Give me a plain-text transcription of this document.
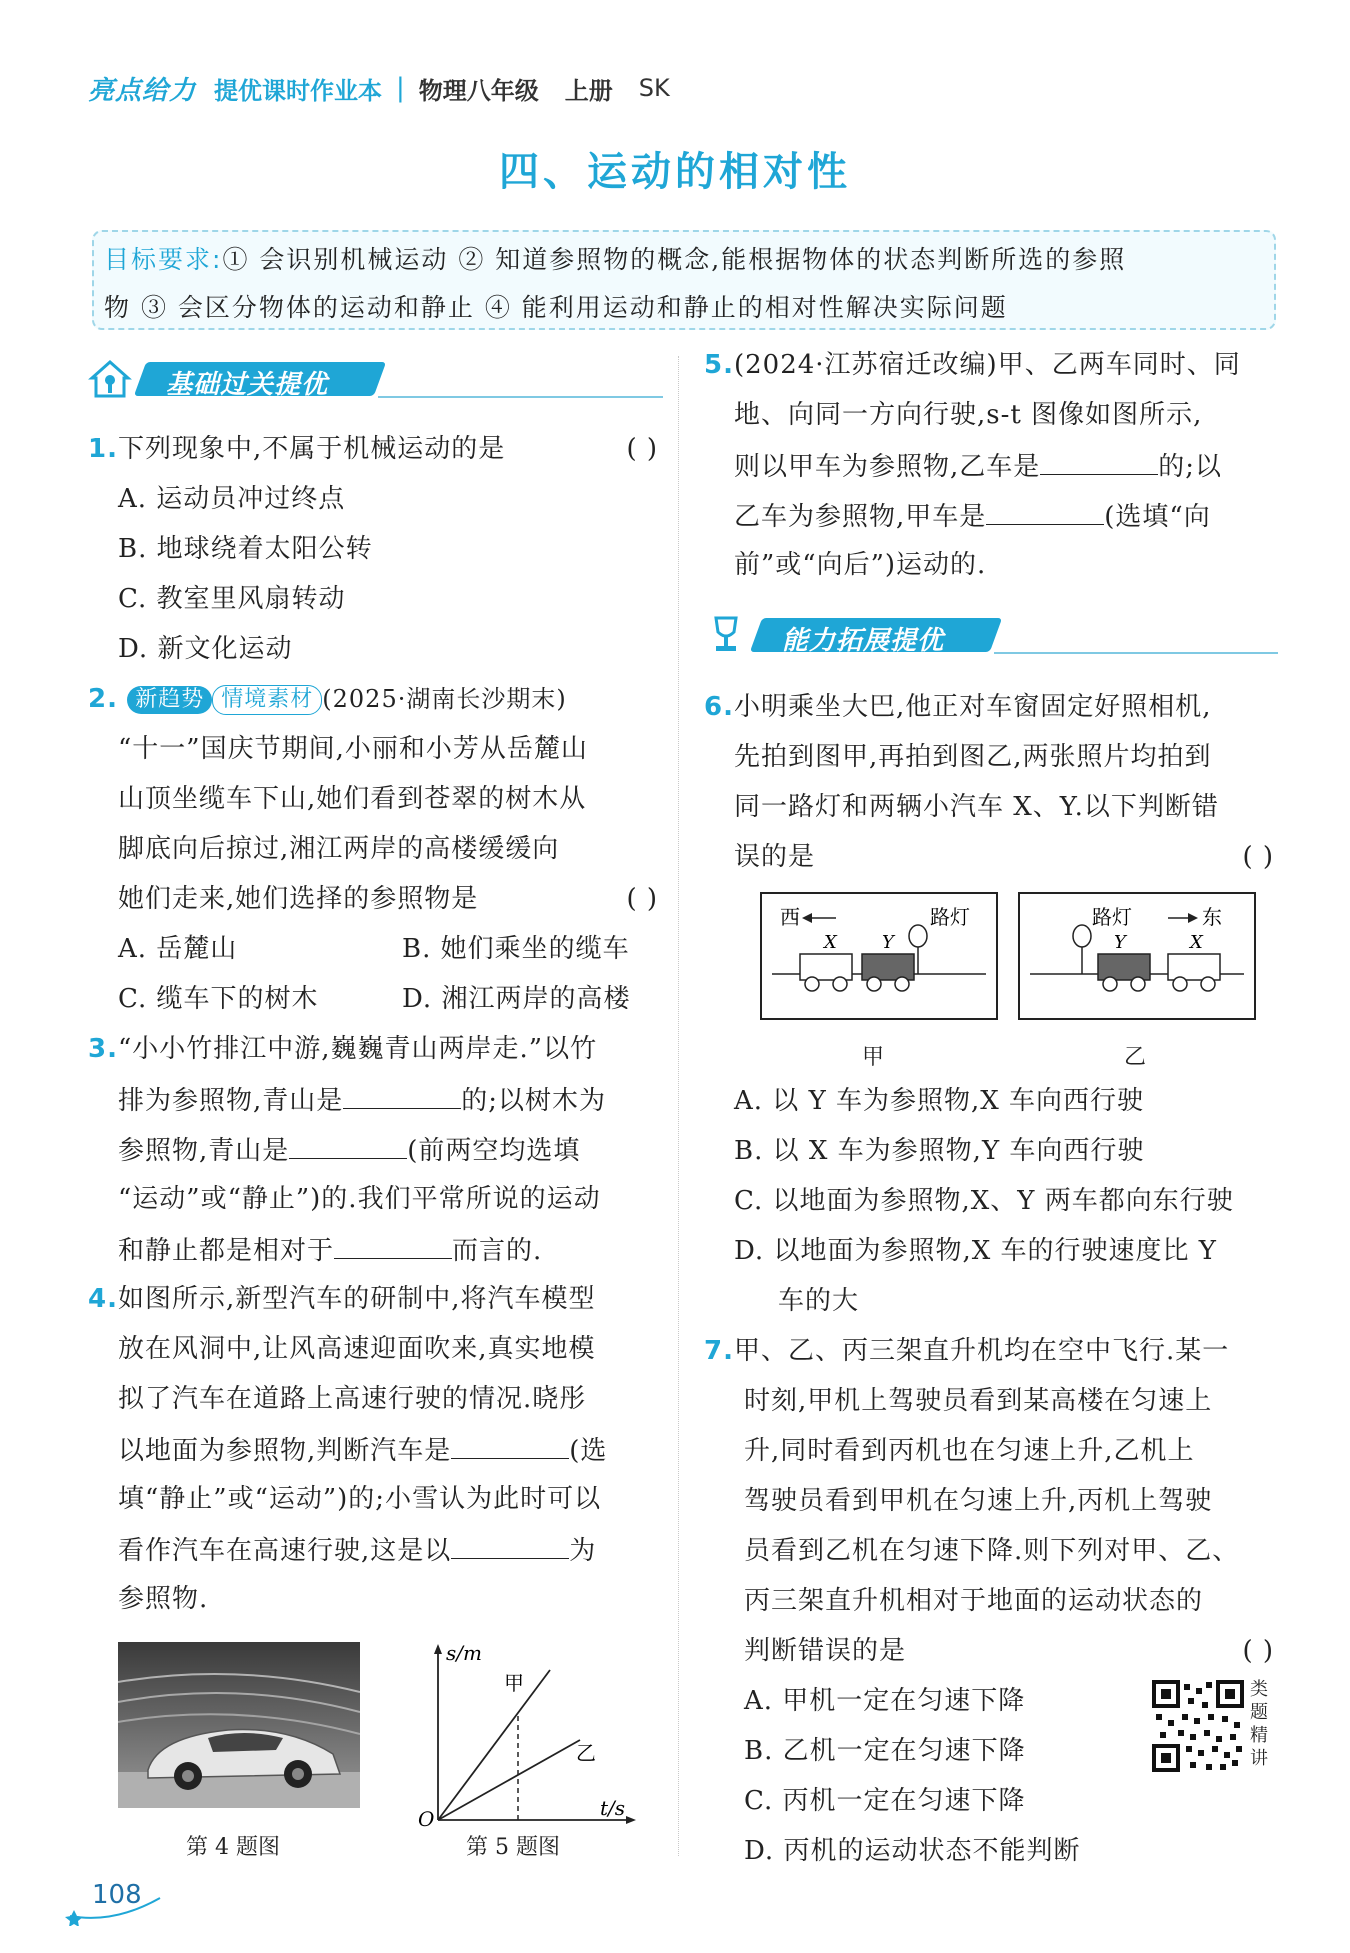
亮点给力 提优课时作业本 | 物理八年级 上册 SK
四、运动的相对性
目标要求:① 会识别机械运动 ② 知道参照物的概念,能根据物体的状态判断所选的参照
物 ③ 会区分物体的运动和静止 ④ 能利用运动和静止的相对性解决实际问题
基础过关提优
1.下列现象中,不属于机械运动的是	( )
A. 运动员冲过终点
B. 地球绕着太阳公转
C. 教室里风扇转动
D. 新文化运动
2. 新趋势 情境素材 (2025·湖南长沙期末)
“十一”国庆节期间,小丽和小芳从岳麓山
山顶坐缆车下山,她们看到苍翠的树木从
脚底向后掠过,湘江两岸的高楼缓缓向
她们走来,她们选择的参照物是	( )
A. 岳麓山	B. 她们乘坐的缆车
C. 缆车下的树木	D. 湘江两岸的高楼
3.“小小竹排江中游,巍巍青山两岸走.”以竹
排为参照物,青山是	的;以树木为
参照物,青山是	(前两空均选填
“运动”或“静止”)的.我们平常所说的运动
和静止都是相对于	而言的.
4.如图所示,新型汽车的研制中,将汽车模型
放在风洞中,让风高速迎面吹来,真实地模
拟了汽车在道路上高速行驶的情况.晓彤
以地面为参照物,判断汽车是	(选
填“静止”或“运动”)的;小雪认为此时可以
看作汽车在高速行驶,这是以	为
参照物.
第 4 题图
s/m
t/s
O
甲
乙
第 5 题图
5.(2024·江苏宿迁改编)甲、乙两车同时、同
地、向同一方向行驶,s-t 图像如图所示,
则以甲车为参照物,乙车是	的;以
乙车为参照物,甲车是	(选填“向
前”或“向后”)运动的.
能力拓展提优
6.小明乘坐大巴,他正对车窗固定好照相机,
先拍到图甲,再拍到图乙,两张照片均拍到
同一路灯和两辆小汽车 X、Y.以下判断错
误的是	( )
西	路灯
X	Y
甲
路灯	东
Y	X
乙
A. 以 Y 车为参照物,X 车向西行驶
B. 以 X 车为参照物,Y 车向西行驶
C. 以地面为参照物,X、Y 两车都向东行驶
D. 以地面为参照物,X 车的行驶速度比 Y
车的大
7.甲、乙、丙三架直升机均在空中飞行.某一
时刻,甲机上驾驶员看到某高楼在匀速上
升,同时看到丙机也在匀速上升,乙机上
驾驶员看到甲机在匀速上升,丙机上驾驶
员看到乙机在匀速下降.则下列对甲、乙、
丙三架直升机相对于地面的运动状态的
判断错误的是	( )
A. 甲机一定在匀速下降
B. 乙机一定在匀速下降
C. 丙机一定在匀速下降
D. 丙机的运动状态不能判断
类
题
精
讲
108
